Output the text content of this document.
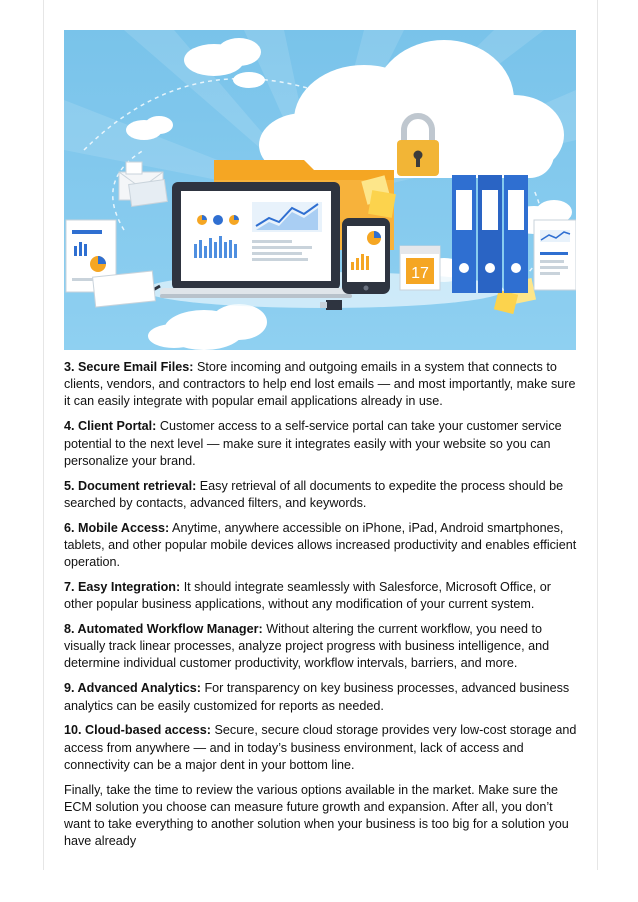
17

3. Secure Email Files: Store incoming and outgoing emails in a system that connects to clients, vendors, and contractors to help end lost emails — and most importantly, make sure it can easily integrate with popular email applications already in use.

4. Client Portal: Customer access to a self-service portal can take your customer service potential to the next level — make sure it integrates easily with your website so you can personalize your brand.

5. Document retrieval: Easy retrieval of all documents to expedite the process should be searched by contacts, advanced filters, and keywords.

6. Mobile Access: Anytime, anywhere accessible on iPhone, iPad, Android smartphones, tablets, and other popular mobile devices allows increased productivity and enables efficient operation.

7. Easy Integration: It should integrate seamlessly with Salesforce, Microsoft Office, or other popular business applications, without any modification of your current system.

8. Automated Workflow Manager: Without altering the current workflow, you need to visually track linear processes, analyze project progress with business intelligence, and determine individual customer productivity, workflow intervals, barriers, and more.

9. Advanced Analytics: For transparency on key business processes, advanced business analytics can be easily customized for reports as needed.

10. Cloud-based access: Secure, secure cloud storage provides very low-cost storage and access from anywhere — and in today’s business environment, lack of access and connectivity can be a major dent in your bottom line.

Finally, take the time to review the various options available in the market. Make sure the ECM solution you choose can measure future growth and expansion. After all, you don’t want to take everything to another solution when your business is too big for a solution you have already
